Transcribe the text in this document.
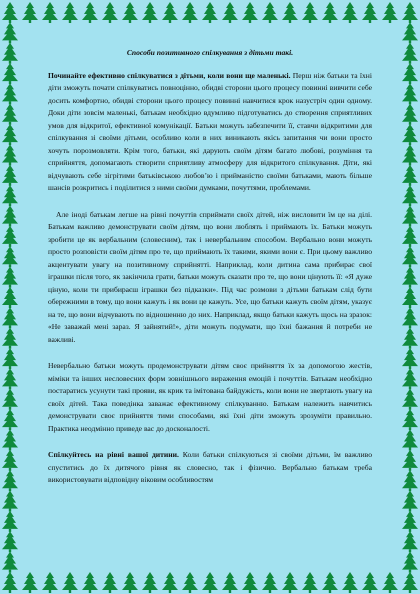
Способи позитивного спілкування з дітьми такі.

Починайте ефективно спілкуватися з дітьми, коли вони ще маленькі. Перш ніж батьки та їхні діти зможуть почати спілкуватись повноцінно, обидві сторони цього процесу повинні вивчити себе досить комфортно, обидві сторони цього процесу повинні навчитися крок назустріч один одному. Доки діти зовсім маленькі, батькам необхідно вдумливо підготуватись до створення сприятливих умов для відкритої, ефективної комунікації. Батьки можуть забезпечити її, ставчи відкритими для спілкування зі своїми дітьми, особливо коли в них виникають якісь запитання чи вони просто хочуть порозмовляти. Крім того, батьки, які дарують своїм дітям багато любові, розуміння та сприйняття, допомагають створити сприятливу атмосферу для відкритого спілкування. Діти, які відчувають себе зігрітими батьківською любов’ю і прийманістю своїми батьками, мають більше шансів розкритись і поділитися з ними своїми думками, почуттями, проблемами.

Але іноді батькам легше на рівні почуттів сприймати своїх дітей, ніж висловити їм це на ділі. Батькам важливо демонструвати своїм дітям, що вони люблять і приймають їх. Батьки можуть зробити це як вербальним (словесним), так і невербальним способом. Вербально вони можуть просто розповісти своїм дітям про те, що приймають їх такими, якими вони є. При цьому важливо акцентувати увагу на позитивному сприйнятті. Наприклад, коли дитина сама прибирає свої іграшки після того, як закінчила грати, батьки можуть сказати про те, що вони цінують її: «Я дуже ціную, коли ти прибираєш іграшки без підказки». Під час розмови з дітьми батькам слід бути обережними в тому, що вони кажуть і як вони це кажуть. Усе, що батьки кажуть своїм дітям, указує на те, що вони відчувають по відношенню до них. Наприклад, якщо батьки кажуть щось на зразок: «Не заважай мені зараз. Я зайнятий!», діти можуть подумати, що їхні бажання й потреби не важливі.

Невербально батьки можуть продемонструвати дітям своє прийняття їх за допомогою жестів, міміки та інших несловесних форм зовнішнього вираження емоцій і почуттів. Батькам необхідно постаратись усунути такі прояви, як крик та імітована байдужість, коли вони не звертають увагу на своїх дітей. Така поведінка заважає ефективному спілкуванню. Батькам належить навчитись демонструвати своє прийняття тими способами, які їхні діти зможуть зрозуміти правильно. Практика неодмінно приведе вас до досконалості.

Спілкуйтесь на рівні вашої дитини. Коли батьки спілкуються зі своїми дітьми, їм важливо спуститись до їх дитячого рівня як словесно, так і фізично. Вербально батькам треба використовувати відповідну віковим особливостям
